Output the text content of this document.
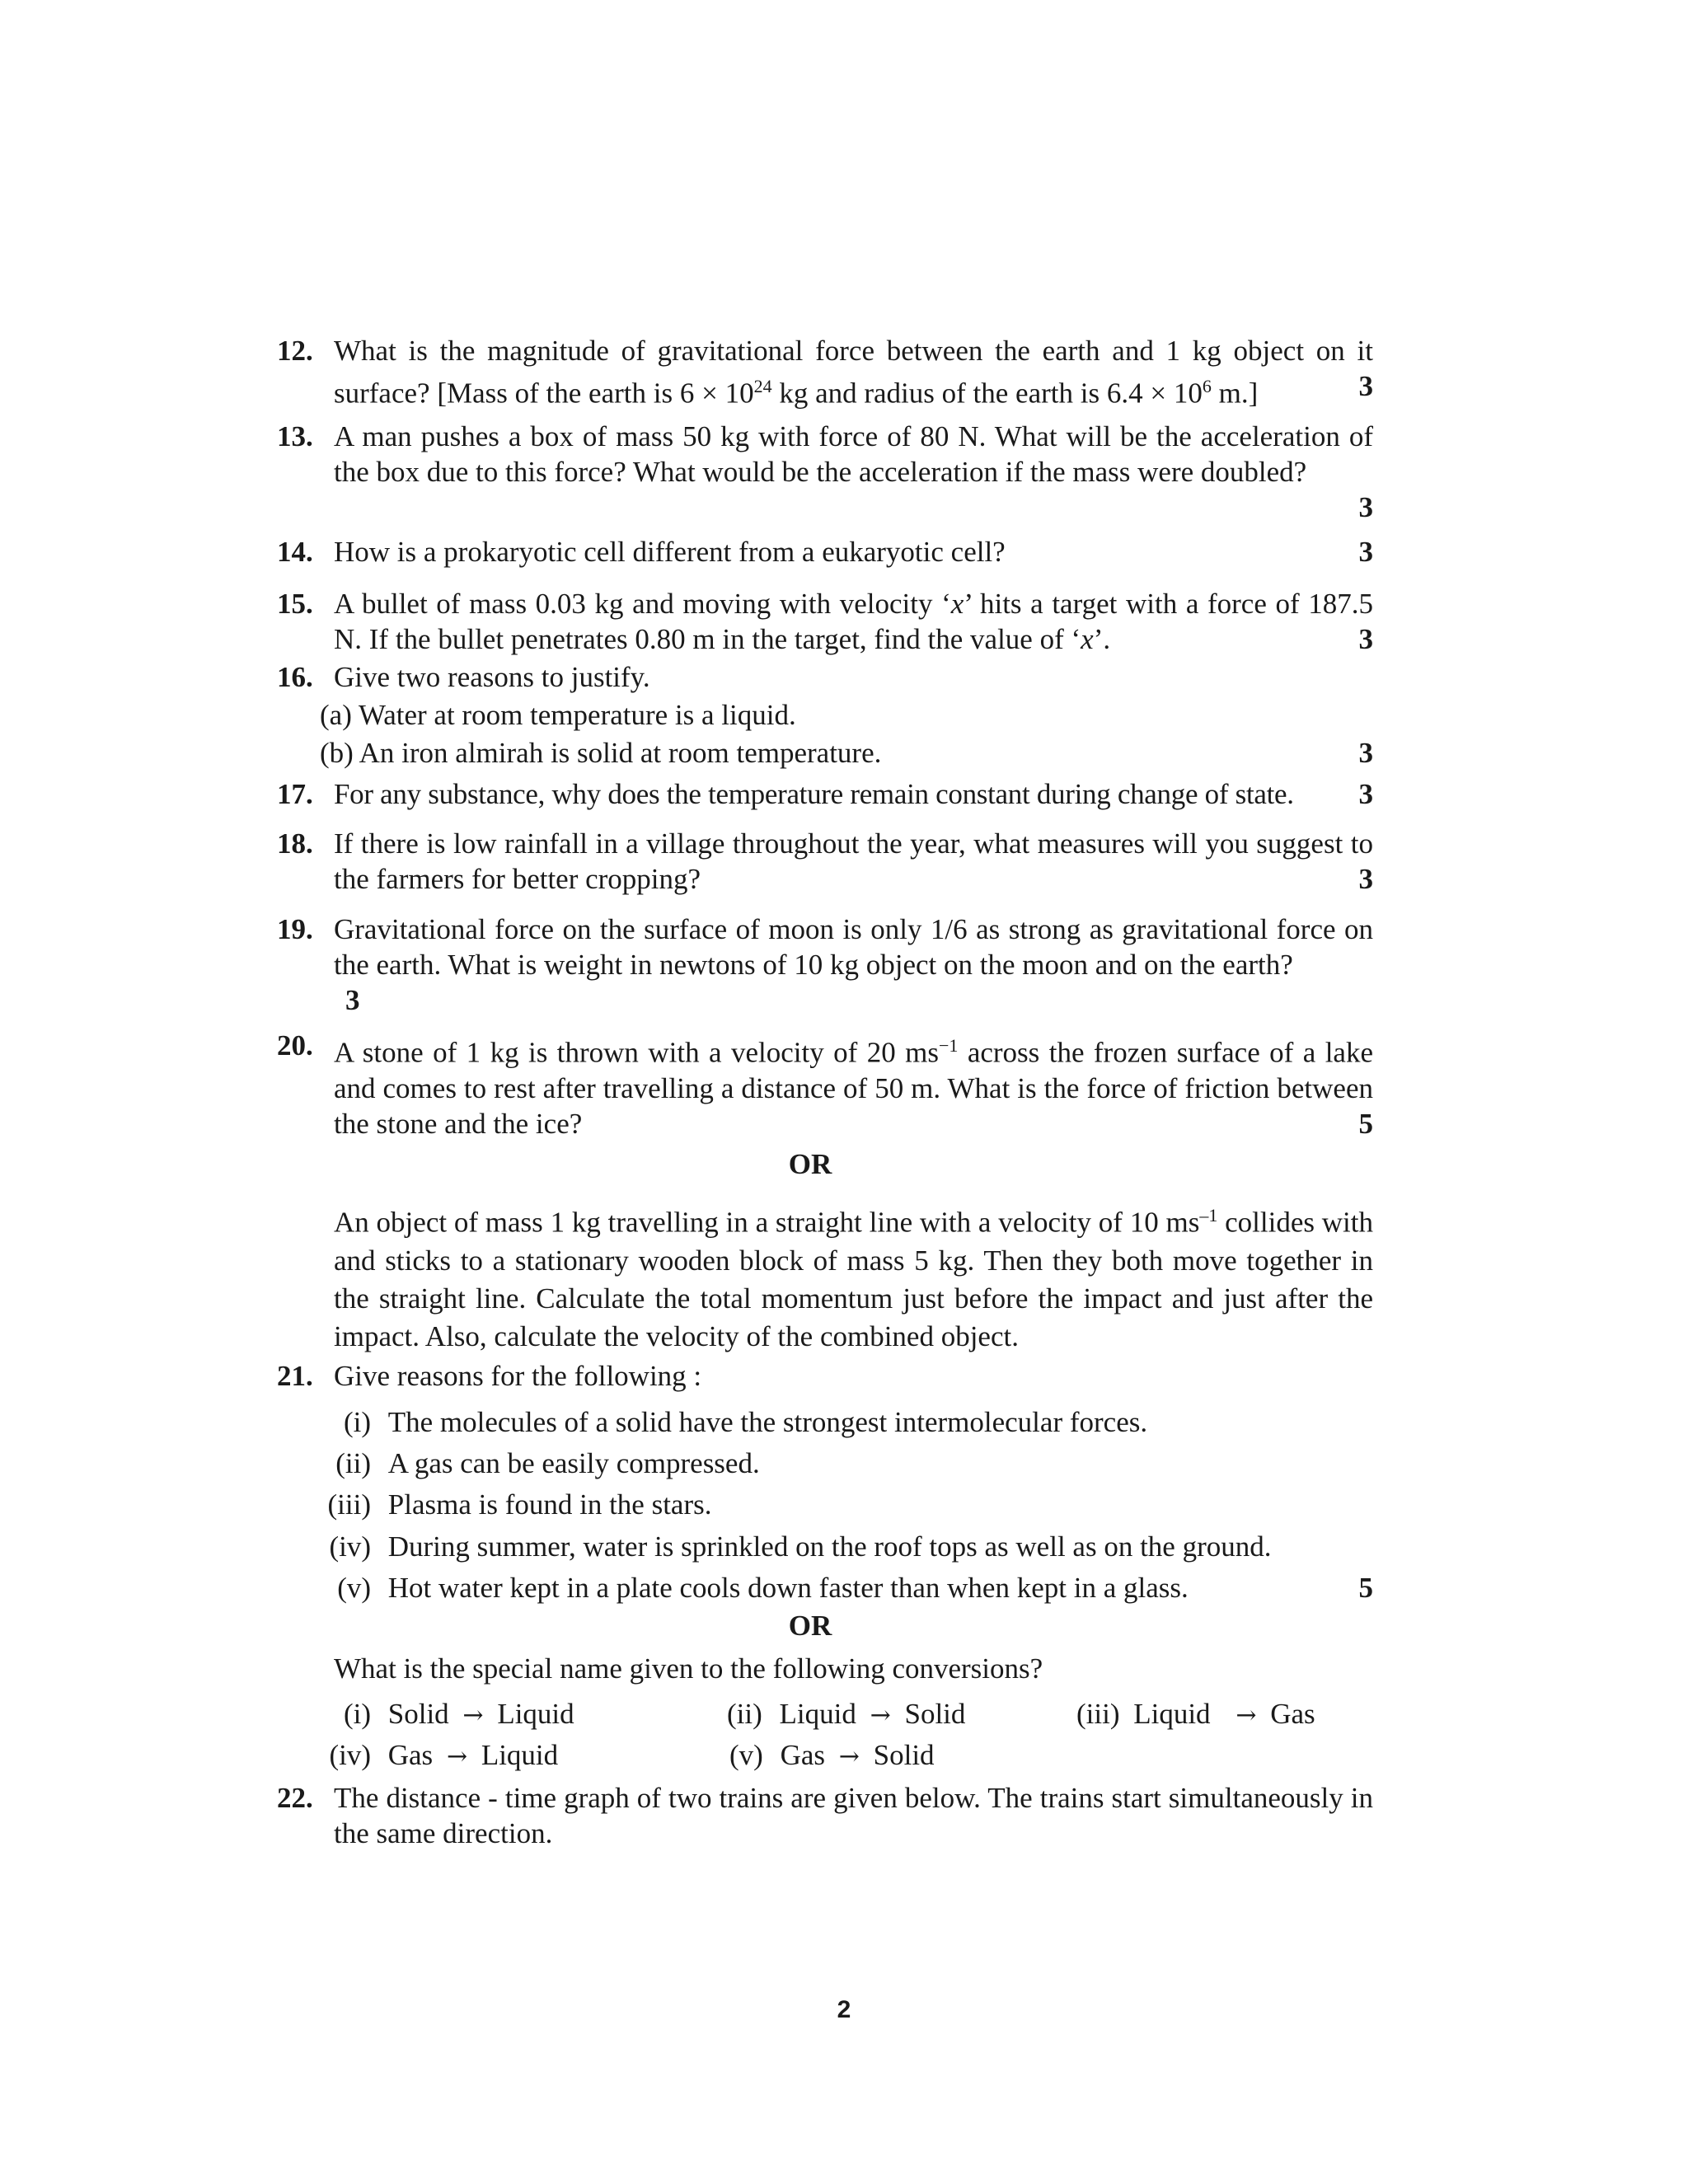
12. What is the magnitude of gravitational force between the earth and 1 kg object on it surface? [Mass of the earth is $6 \times 10^{24}$ kg and radius of the earth is $6.4 \times 10^6$ m.]	3
13. A man pushes a box of mass 50 kg with force of 80 N. What will be the acceleration of the box due to this force? What would be the acceleration if the mass were doubled?
3
14. How is a prokaryotic cell different from a eukaryotic cell?	3
15. A bullet of mass 0.03 kg and moving with velocity ‘x’ hits a target with a force of 187.5 N. If the bullet penetrates 0.80 m in the target, find the value of ‘x’.	3
16. Give two reasons to justify.
(a) Water at room temperature is a liquid.
(b) An iron almirah is solid at room temperature.	3
17. For any substance, why does the temperature remain constant during change of state. 3
18. If there is low rainfall in a village throughout the year, what measures will you suggest to the farmers for better cropping?	3
19. Gravitational force on the surface of moon is only 1/6 as strong as gravitational force on the earth. What is weight in newtons of 10 kg object on the moon and on the earth?
3
20. A stone of 1 kg is thrown with a velocity of 20 $ms^{-1}$ across the frozen surface of a lake and comes to rest after travelling a distance of 50 m. What is the force of friction between the stone and the ice?	5
OR
An object of mass 1 kg travelling in a straight line with a velocity of 10 $ms^{-1}$ collides with and sticks to a stationary wooden block of mass 5 kg. Then they both move together in the straight line. Calculate the total momentum just before the impact and just after the impact. Also, calculate the velocity of the combined object.
21. Give reasons for the following :
(i) The molecules of a solid have the strongest intermolecular forces.
(ii) A gas can be easily compressed.
(iii) Plasma is found in the stars.
(iv) During summer, water is sprinkled on the roof tops as well as on the ground.
(v) Hot water kept in a plate cools down faster than when kept in a glass.	5
OR
What is the special name given to the following conversions?
(i) Solid → Liquid	(ii) Liquid → Solid	(iii) Liquid → Gas
(iv) Gas → Liquid	(v) Gas → Solid
22. The distance - time graph of two trains are given below. The trains start simultaneously in the same direction.
2
